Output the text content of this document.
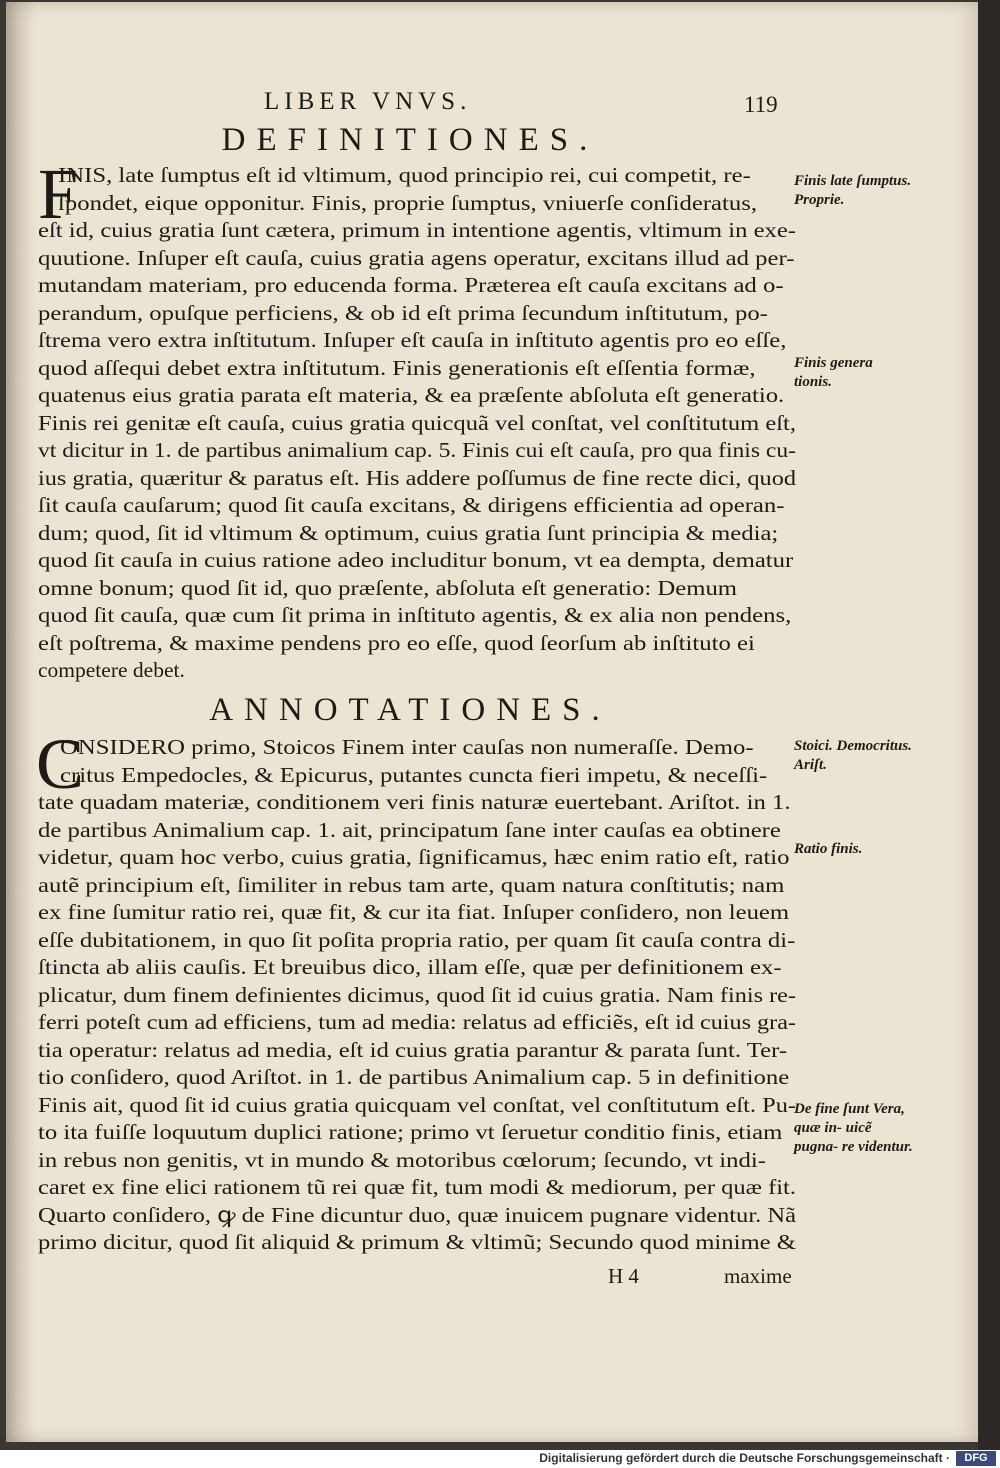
LIBER VNVS.	119
DEFINITIONES.
F
INIS, late ſumptus eſt id vltimum, quod principio rei, cui competit, re-
ſpondet, eique opponitur. Finis, proprie ſumptus, vniuerſe conſideratus,
eſt id, cuius gratia ſunt cætera, primum in intentione agentis, vltimum in exe-
quutione. Inſuper eſt cauſa, cuius gratia agens operatur, excitans illud ad per-
mutandam materiam, pro educenda forma. Præterea eſt cauſa excitans ad o-
perandum, opuſque perficiens, & ob id eſt prima ſecundum inſtitutum, po-
ſtrema vero extra inſtitutum. Inſuper eſt cauſa in inſtituto agentis pro eo eſſe,
quod aſſequi debet extra inſtitutum. Finis generationis eſt eſſentia formæ,
quatenus eius gratia parata eſt materia, & ea præſente abſoluta eſt generatio.
Finis rei genitæ eſt cauſa, cuius gratia quicquã vel conſtat, vel conſtitutum eſt,
vt dicitur in 1. de partibus animalium cap. 5. Finis cui eſt cauſa, pro qua finis cu-
ius gratia, quæritur & paratus eſt. His addere poſſumus de fine recte dici, quod
ſit cauſa cauſarum; quod ſit cauſa excitans, & dirigens efficientia ad operan-
dum; quod, ſit id vltimum & optimum, cuius gratia ſunt principia & media;
quod ſit cauſa in cuius ratione adeo includitur bonum, vt ea dempta, dematur
omne bonum; quod ſit id, quo præſente, abſoluta eſt generatio: Demum
quod ſit cauſa, quæ cum ſit prima in inſtituto agentis, & ex alia non pendens,
eſt poſtrema, & maxime pendens pro eo eſſe, quod ſeorſum ab inſtituto ei
competere debet.
ANNOTATIONES.
C
ONSIDERO primo, Stoicos Finem inter cauſas non numeraſſe. Demo-
critus Empedocles, & Epicurus, putantes cuncta fieri impetu, & neceſſi-
tate quadam materiæ, conditionem veri finis naturæ euertebant. Ariſtot. in 1.
de partibus Animalium cap. 1. ait, principatum ſane inter cauſas ea obtinere
videtur, quam hoc verbo, cuius gratia, ſignificamus, hæc enim ratio eſt, ratio
autẽ principium eſt, ſimiliter in rebus tam arte, quam natura conſtitutis; nam
ex fine ſumitur ratio rei, quæ fit, & cur ita fiat. Inſuper conſidero, non leuem
eſſe dubitationem, in quo ſit poſita propria ratio, per quam ſit cauſa contra di-
ſtincta ab aliis cauſis. Et breuibus dico, illam eſſe, quæ per definitionem ex-
plicatur, dum finem definientes dicimus, quod ſit id cuius gratia. Nam finis re-
ferri poteſt cum ad efficiens, tum ad media: relatus ad efficiẽs, eſt id cuius gra-
tia operatur: relatus ad media, eſt id cuius gratia parantur & parata ſunt. Ter-
tio conſidero, quod Ariſtot. in 1. de partibus Animalium cap. 5 in definitione
Finis ait, quod ſit id cuius gratia quicquam vel conſtat, vel conſtitutum eſt. Pu-
to ita fuiſſe loquutum duplici ratione; primo vt ſeruetur conditio finis, etiam
in rebus non genitis, vt in mundo & motoribus cœlorum; ſecundo, vt indi-
caret ex fine elici rationem tũ rei quæ fit, tum modi & mediorum, per quæ fit.
Quarto conſidero, ꝙ de Fine dicuntur duo, quæ inuicem pugnare videntur. Nã
primo dicitur, quod ſit aliquid & primum & vltimũ; Secundo quod minime &
Finis late ſumptus. Proprie.
Finis genera tionis.
Stoici. Democritus. Ariſt.
Ratio finis.
De fine ſunt Vera, quæ in- uicẽ pugna- re videntur.
H 4	maxime
Digitalisierung gefördert durch die Deutsche Forschungsgemeinschaft ·	DFG
